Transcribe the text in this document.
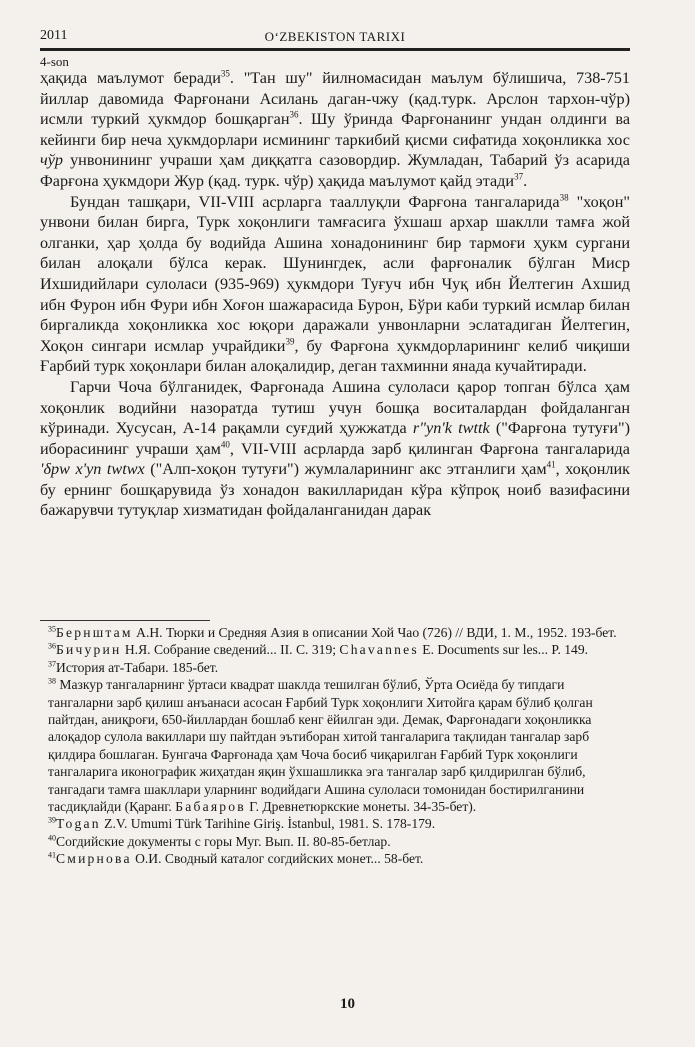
2011	O‘ZBEKISTON TARIXI
4-son

ҳақида маълумот беради$^{35}$. "Тан шу" йилномасидан маълум бўлишича, 738-751 йиллар давомида Фарғонани Асилань даган-чжу (қад.турк. Арслон тархон-чўр) исмли туркий ҳукмдор бошқарган$^{36}$. Шу ўринда Фарғонанинг ундан олдинги ва кейинги бир неча ҳукмдорлари исмининг таркибий қисми сифатида хоқонликка хос чўр унвонининг учраши ҳам диққатга сазовордир. Жумладан, Табарий ўз асарида Фарғона ҳукмдори Жур (қад. турк. чўр) ҳақида маълумот қайд этади$^{37}$.

Бундан ташқари, VII-VIII асрларга тааллуқли Фарғона тангаларида$^{38}$ "хоқон" унвони билан бирга, Турк хоқонлиги тамғасига ўхшаш архар шаклли тамға жой олганки, ҳар ҳолда бу водийда Ашина хонадонининг бир тармоғи ҳукм сургани билан алоқали бўлса керак. Шунингдек, асли фарғоналик бўлган Миср Ихшидийлари сулоласи (935-969) ҳукмдори Туғуч ибн Чуқ ибн Йелтегин Ахшид ибн Фурон ибн Фури ибн Хоғон шажарасида Бурон, Бўри каби туркий исмлар билан биргаликда хоқонликка хос юқори даражали унвонларни эслатадиган Йелтегин, Хоқон сингари исмлар учрайдики$^{39}$, бу Фарғона ҳукмдорларининг келиб чиқиши Ғарбий турк хоқонлари билан алоқалидир, деган тахминни янада кучайтиради.

Гарчи Чоча бўлганидек, Фарғонада Ашина сулоласи қарор топган бўлса ҳам хоқонлик водийни назоратда тутиш учун бошқа воситалардан фойдаланган кўринади. Хусусан, А-14 рақамли суғдий ҳужжатда r"yn'k twttk ("Фарғона тутуғи") иборасининг учраши ҳам$^{40}$, VII-VIII асрларда зарб қилинган Фарғона тангаларида 'δpw x'yn twtwx ("Алп-хоқон тутуғи") жумлаларининг акс этганлиги ҳам$^{41}$, хоқонлик бу ернинг бошқарувида ўз хонадон вакилларидан кўра кўпроқ ноиб вазифасини бажарувчи тутуқлар хизматидан фойдаланганидан дарак

$^{35}$Бернштам А.Н. Тюрки и Средняя Азия в описании Хой Чао (726) // ВДИ, 1. М., 1952. 193-бет.

$^{36}$Бичурин Н.Я. Собрание сведений... II. С. 319; Chavannes E. Documents sur les... P. 149.

$^{37}$История ат-Табари. 185-бет.

$^{38}$ Мазкур тангаларнинг ўртаси квадрат шаклда тешилган бўлиб, Ўрта Осиёда бу типдаги тангаларни зарб қилиш анъанаси асосан Ғарбий Турк хоқонлиги Хитойга қарам бўлиб қолган пайтдан, аниқроғи, 650-йиллардан бошлаб кенг ёйилган эди. Демак, Фарғонадаги хоқонликка алоқадор сулола вакиллари шу пайтдан эътиборан хитой тангаларига тақлидан тангалар зарб қилдира бошлаган. Бунгача Фарғонада ҳам Чоча босиб чиқарилган Ғарбий Турк хоқонлиги тангаларига иконографик жиҳатдан яқин ўхшашликка эга тангалар зарб қилдирилган бўлиб, тангадаги тамға шакллари уларнинг водийдаги Ашина сулоласи томонидан бостирилганини тасдиқлайди (Қаранг. Бабаяров Г. Древнетюркские монеты. 34-35-бет).

$^{39}$Togan Z.V. Umumi Türk Tarihine Giriş. İstanbul, 1981. S. 178-179.

$^{40}$Согдийские документы с горы Муг. Вып. II. 80-85-бетлар.

$^{41}$Смирнова О.И. Сводный каталог согдийских монет... 58-бет.

10
